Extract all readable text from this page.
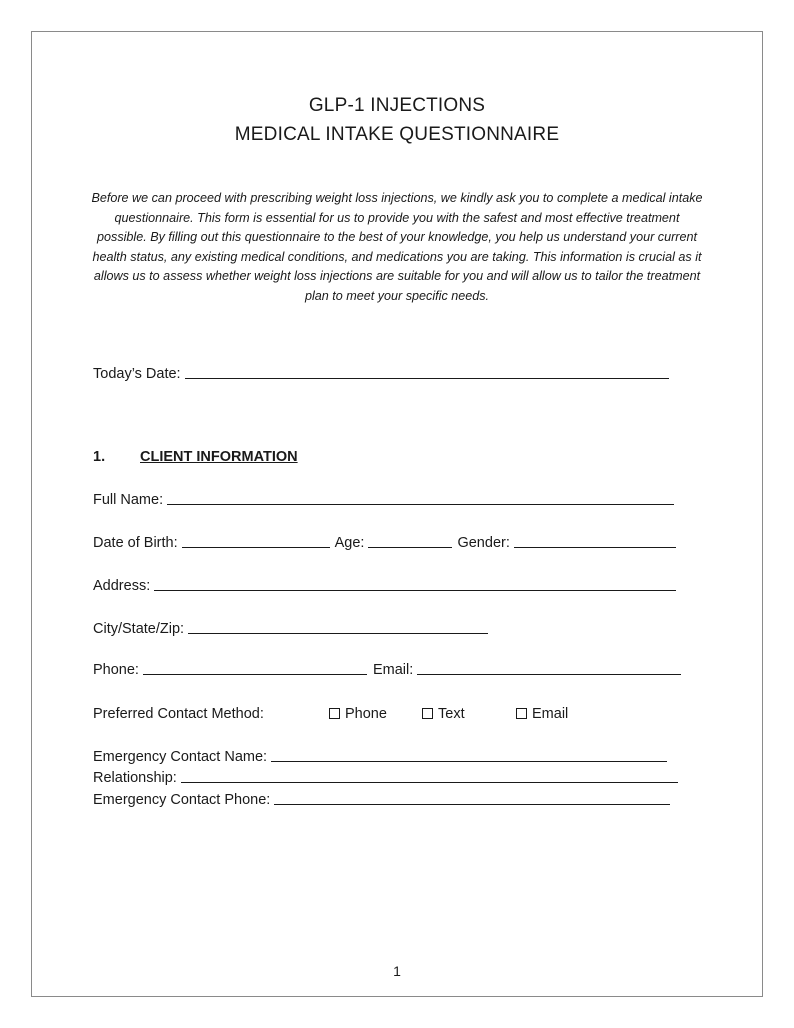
GLP-1 INJECTIONS
MEDICAL INTAKE QUESTIONNAIRE
Before we can proceed with prescribing weight loss injections, we kindly ask you to complete a medical intake questionnaire. This form is essential for us to provide you with the safest and most effective treatment possible. By filling out this questionnaire to the best of your knowledge, you help us understand your current health status, any existing medical conditions, and medications you are taking. This information is crucial as it allows us to assess whether weight loss injections are suitable for you and will allow us to tailor the treatment plan to meet your specific needs.
Today’s Date:
1.	CLIENT INFORMATION
Full Name:
Date of Birth:	Age:	Gender:
Address:
City/State/Zip:
Phone:	Email:
Preferred Contact Method:	Phone	Text	Email
Emergency Contact Name:
Relationship:
Emergency Contact Phone:
1
